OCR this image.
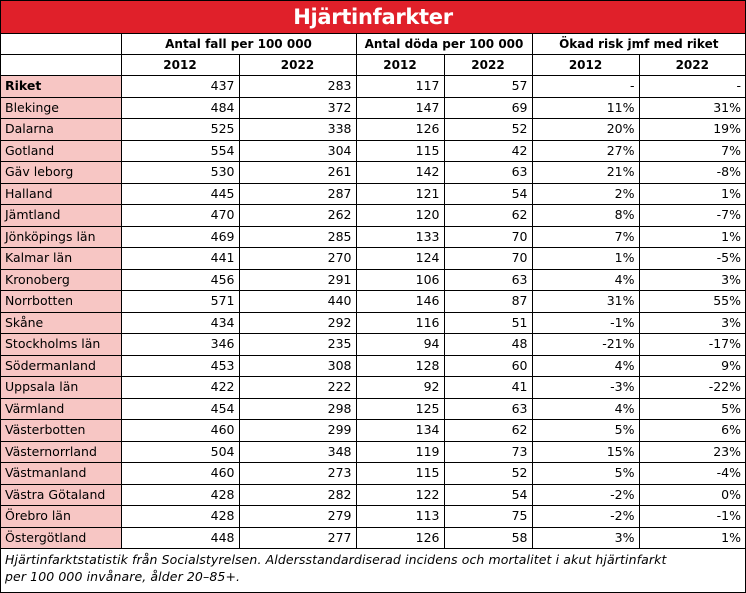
Hjärtinfarkter
	Antal fall per 100 000		Antal döda per 100 000		Ökad risk jmf med riket	
	2012	2022	2012	2022	2012	2022
Riket	437	283	117	57	-	-
Blekinge	484	372	147	69	11%	31%
Dalarna	525	338	126	52	20%	19%
Gotland	554	304	115	42	27%	7%
Gäv leborg	530	261	142	63	21%	-8%
Halland	445	287	121	54	2%	1%
Jämtland	470	262	120	62	8%	-7%
Jönköpings län	469	285	133	70	7%	1%
Kalmar län	441	270	124	70	1%	-5%
Kronoberg	456	291	106	63	4%	3%
Norrbotten	571	440	146	87	31%	55%
Skåne	434	292	116	51	-1%	3%
Stockholms län	346	235	94	48	-21%	-17%
Södermanland	453	308	128	60	4%	9%
Uppsala län	422	222	92	41	-3%	-22%
Värmland	454	298	125	63	4%	5%
Västerbotten	460	299	134	62	5%	6%
Västernorrland	504	348	119	73	15%	23%
Västmanland	460	273	115	52	5%	-4%
Västra Götaland	428	282	122	54	-2%	0%
Örebro län	428	279	113	75	-2%	-1%
Östergötland	448	277	126	58	3%	1%
Hjärtinfarktstatistik från Socialstyrelsen. Aldersstandardiserad incidens och mortalitet i akut hjärtinfarkt
per 100 000 invånare, ålder 20–85+.
